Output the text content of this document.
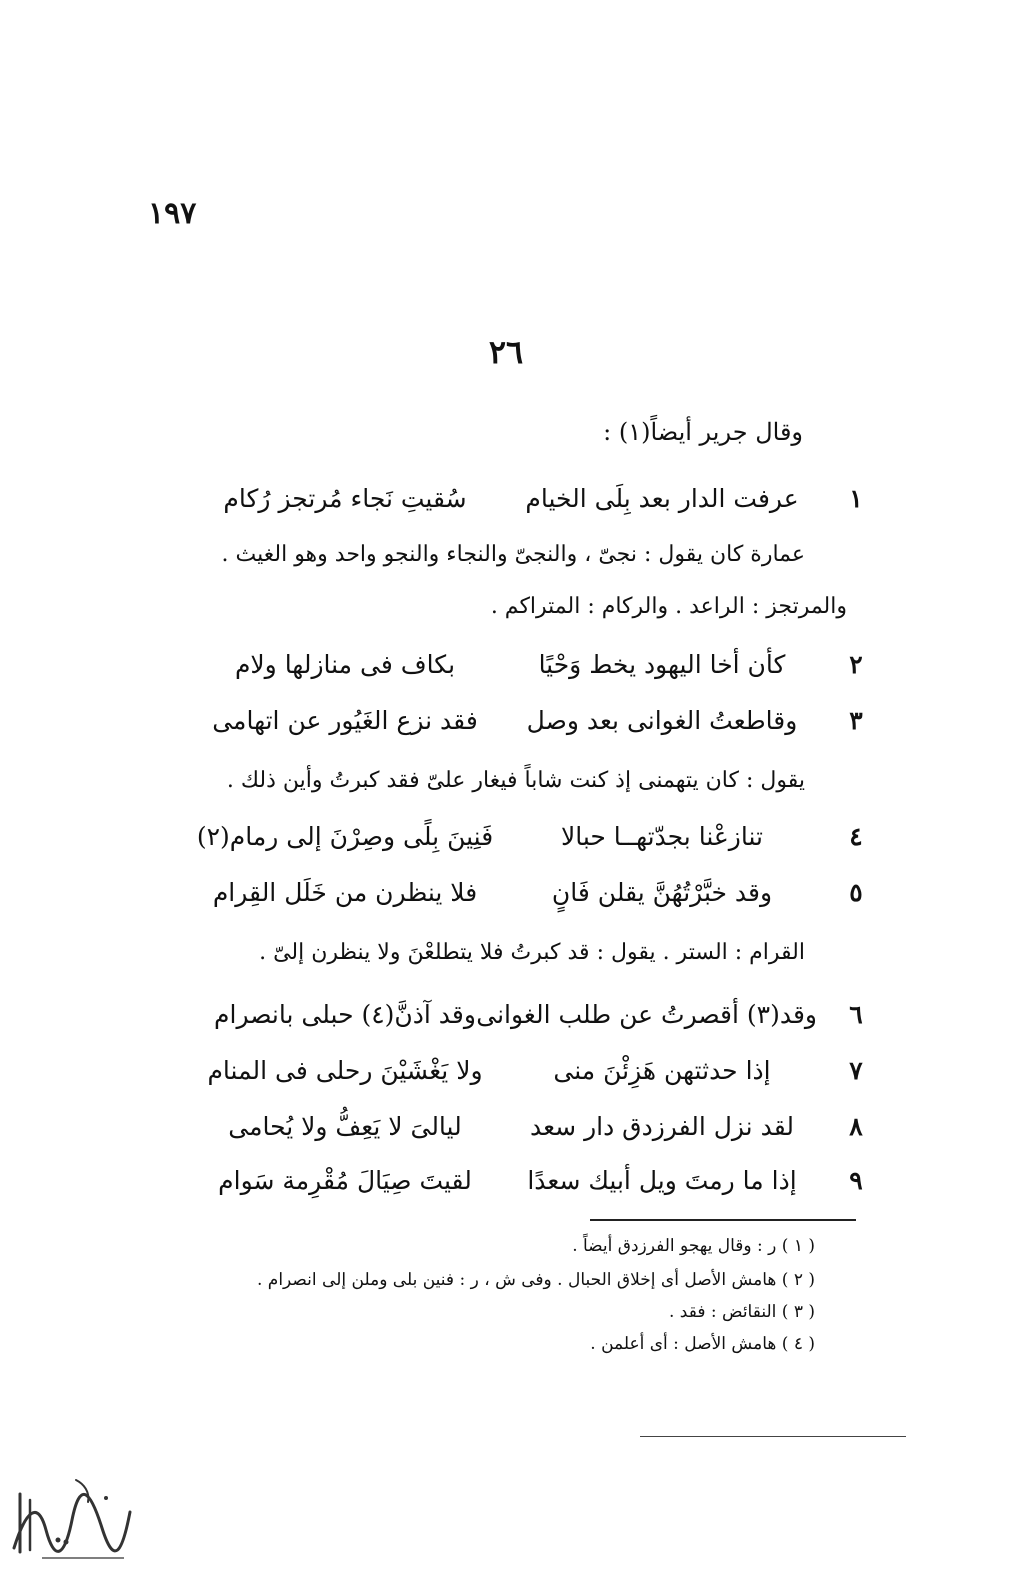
١٩٧
٢٦
وقال جرير أيضاً(١) :
١
عرفت الدار بعد بِلَى الخيام
سُقيتِ نَجاء مُرتجز رُكام
عمارة كان يقول : نجىّ ، والنجىّ والنجاء والنجو واحد وهو الغيث .
والمرتجز : الراعد . والركام : المتراكم .
٢
كأن أخا اليهود يخط وَحْيًا
بكاف فى منازلها ولام
٣
وقاطعتُ الغوانى بعد وصل
فقد نزع الغَيُور عن اتهامى
يقول : كان يتهمنى إذ كنت شاباً فيغار علىّ فقد كبرتُ وأين ذلك .
٤
تنازعْنا بجدّتهــا حبالا
فَنِينَ بِلًى وصِرْنَ إلى رمام(٢)
٥
وقد خبَّرْتُهُنَّ يقلن فَانٍ
فلا ينظرن من خَلَل القِرام
القرام : الستر . يقول : قد كبرتُ فلا يتطلعْنَ ولا ينظرن إلىّ .
٦
وقد(٣) أقصرتُ عن طلب الغوانى
وقد آذنَّ(٤) حبلى بانصرام
٧
إذا حدثتهن هَزِئْنَ منى
ولا يَغْشَيْنَ رحلى فى المنام
٨
لقد نزل الفرزدق دار سعد
ليالىَ لا يَعِفُّ ولا يُحامى
٩
إذا ما رمتَ ويل أبيك سعدًا
لقيتَ صِيَالَ مُقْرِمة سَوام
( ١ ) ر : وقال يهجو الفرزدق أيضاً .
( ٢ ) هامش الأصل أى إخلاق الحبال . وفى ش ، ر : فنين بلى وملن إلى انصرام .
( ٣ ) النقائض : فقد .
( ٤ ) هامش الأصل : أى أعلمن .
